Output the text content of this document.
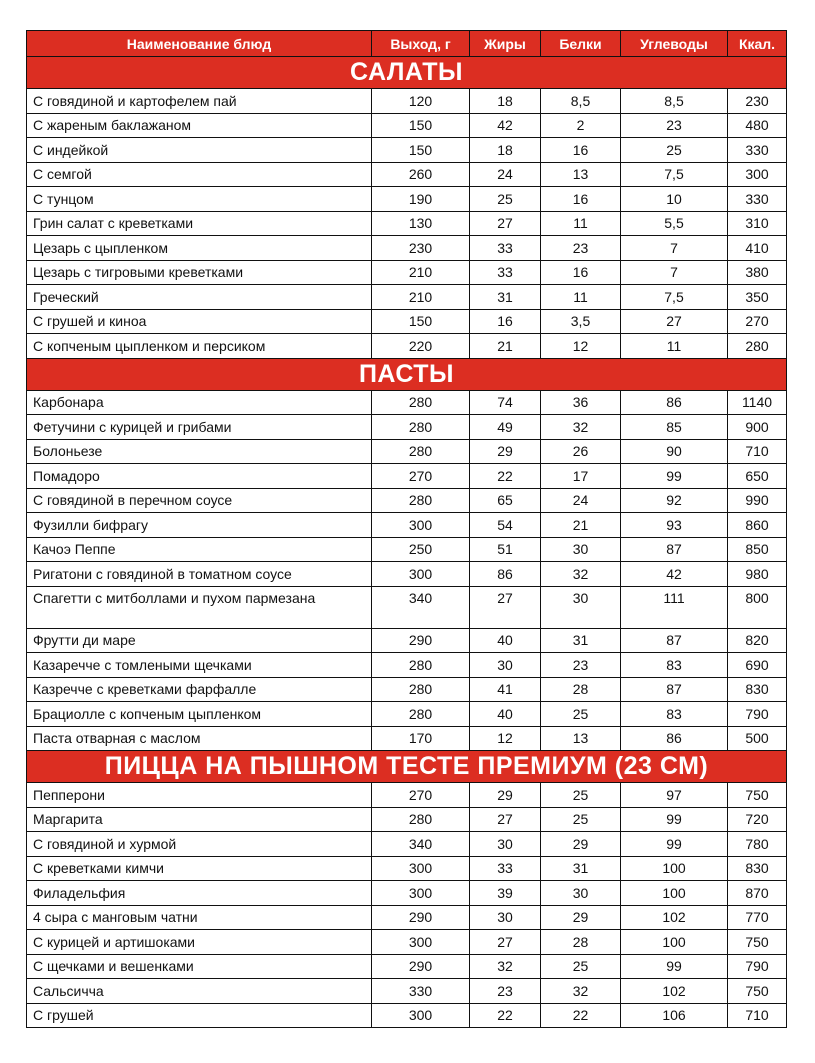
Наименование блюд	Выход, г	Жиры	Белки	Углеводы	Ккал.
САЛАТЫ					
С говядиной и картофелем пай	120	18	8,5	8,5	230
С жареным баклажаном	150	42	2	23	480
С индейкой	150	18	16	25	330
С семгой	260	24	13	7,5	300
С тунцом	190	25	16	10	330
Грин салат с креветками	130	27	11	5,5	310
Цезарь с цыпленком	230	33	23	7	410
Цезарь с тигровыми креветками	210	33	16	7	380
Греческий	210	31	11	7,5	350
С грушей и киноа	150	16	3,5	27	270
С копченым цыпленком и персиком	220	21	12	11	280
ПАСТЫ					
Карбонара	280	74	36	86	1140
Фетучини с курицей и грибами	280	49	32	85	900
Болоньезе	280	29	26	90	710
Помадоро	270	22	17	99	650
С говядиной в перечном соусе	280	65	24	92	990
Фузилли бифрагу	300	54	21	93	860
Качоэ Пеппе	250	51	30	87	850
Ригатони с говядиной в томатном соусе	300	86	32	42	980
Спагетти с митболлами и пухом пармезана	340	27	30	111	800
Фрутти ди маре	290	40	31	87	820
Казаречче с томлеными щечками	280	30	23	83	690
Казречче с креветками фарфалле	280	41	28	87	830
Брациолле с копченым цыпленком	280	40	25	83	790
Паста отварная с маслом	170	12	13	86	500
ПИЦЦА НА ПЫШНОМ ТЕСТЕ ПРЕМИУМ (23 СМ)					
Пепперони	270	29	25	97	750
Маргарита	280	27	25	99	720
С говядиной и хурмой	340	30	29	99	780
С креветками кимчи	300	33	31	100	830
Филадельфия	300	39	30	100	870
4 сыра с манговым чатни	290	30	29	102	770
С курицей и артишоками	300	27	28	100	750
С щечками и вешенками	290	32	25	99	790
Сальсичча	330	23	32	102	750
С грушей	300	22	22	106	710
